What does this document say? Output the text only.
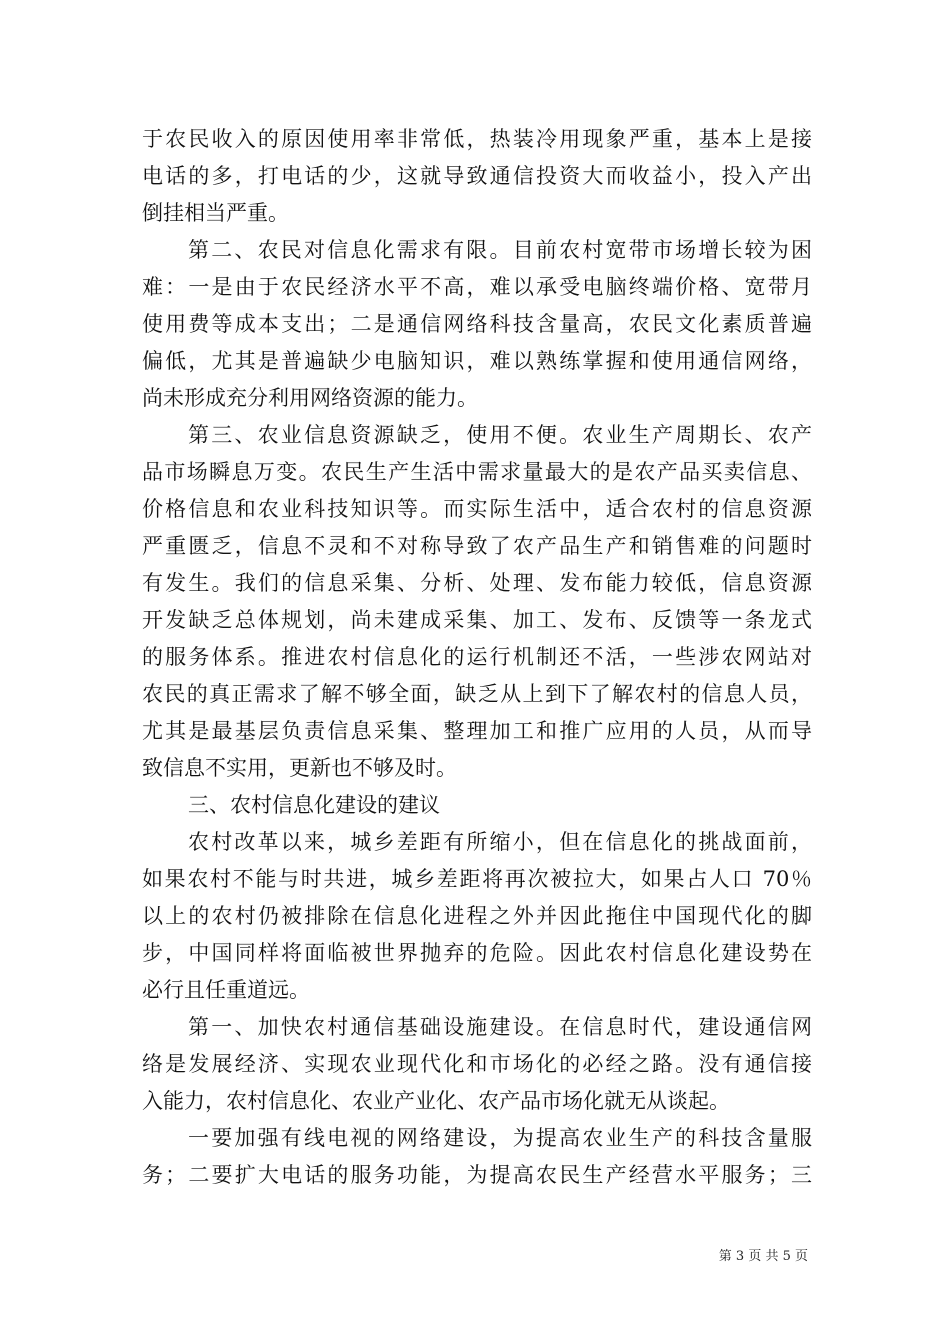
于农民收入的原因使用率非常低，热装冷用现象严重，基本上是接
电话的多，打电话的少，这就导致通信投资大而收益小，投入产出
倒挂相当严重。
第二、农民对信息化需求有限。目前农村宽带市场增长较为困
难：一是由于农民经济水平不高，难以承受电脑终端价格、宽带月
使用费等成本支出；二是通信网络科技含量高，农民文化素质普遍
偏低，尤其是普遍缺少电脑知识，难以熟练掌握和使用通信网络，
尚未形成充分利用网络资源的能力。
第三、农业信息资源缺乏，使用不便。农业生产周期长、农产
品市场瞬息万变。农民生产生活中需求量最大的是农产品买卖信息、
价格信息和农业科技知识等。而实际生活中，适合农村的信息资源
严重匮乏，信息不灵和不对称导致了农产品生产和销售难的问题时
有发生。我们的信息采集、分析、处理、发布能力较低，信息资源
开发缺乏总体规划，尚未建成采集、加工、发布、反馈等一条龙式
的服务体系。推进农村信息化的运行机制还不活，一些涉农网站对
农民的真正需求了解不够全面，缺乏从上到下了解农村的信息人员，
尤其是最基层负责信息采集、整理加工和推广应用的人员，从而导
致信息不实用，更新也不够及时。
三、农村信息化建设的建议
农村改革以来，城乡差距有所缩小，但在信息化的挑战面前，
如果农村不能与时共进，城乡差距将再次被拉大，如果占人口 70％
以上的农村仍被排除在信息化进程之外并因此拖住中国现代化的脚
步，中国同样将面临被世界抛弃的危险。因此农村信息化建设势在
必行且任重道远。
第一、加快农村通信基础设施建设。在信息时代，建设通信网
络是发展经济、实现农业现代化和市场化的必经之路。没有通信接
入能力，农村信息化、农业产业化、农产品市场化就无从谈起。
一要加强有线电视的网络建设，为提高农业生产的科技含量服
务；二要扩大电话的服务功能，为提高农民生产经营水平服务；三
第 3 页 共 5 页
